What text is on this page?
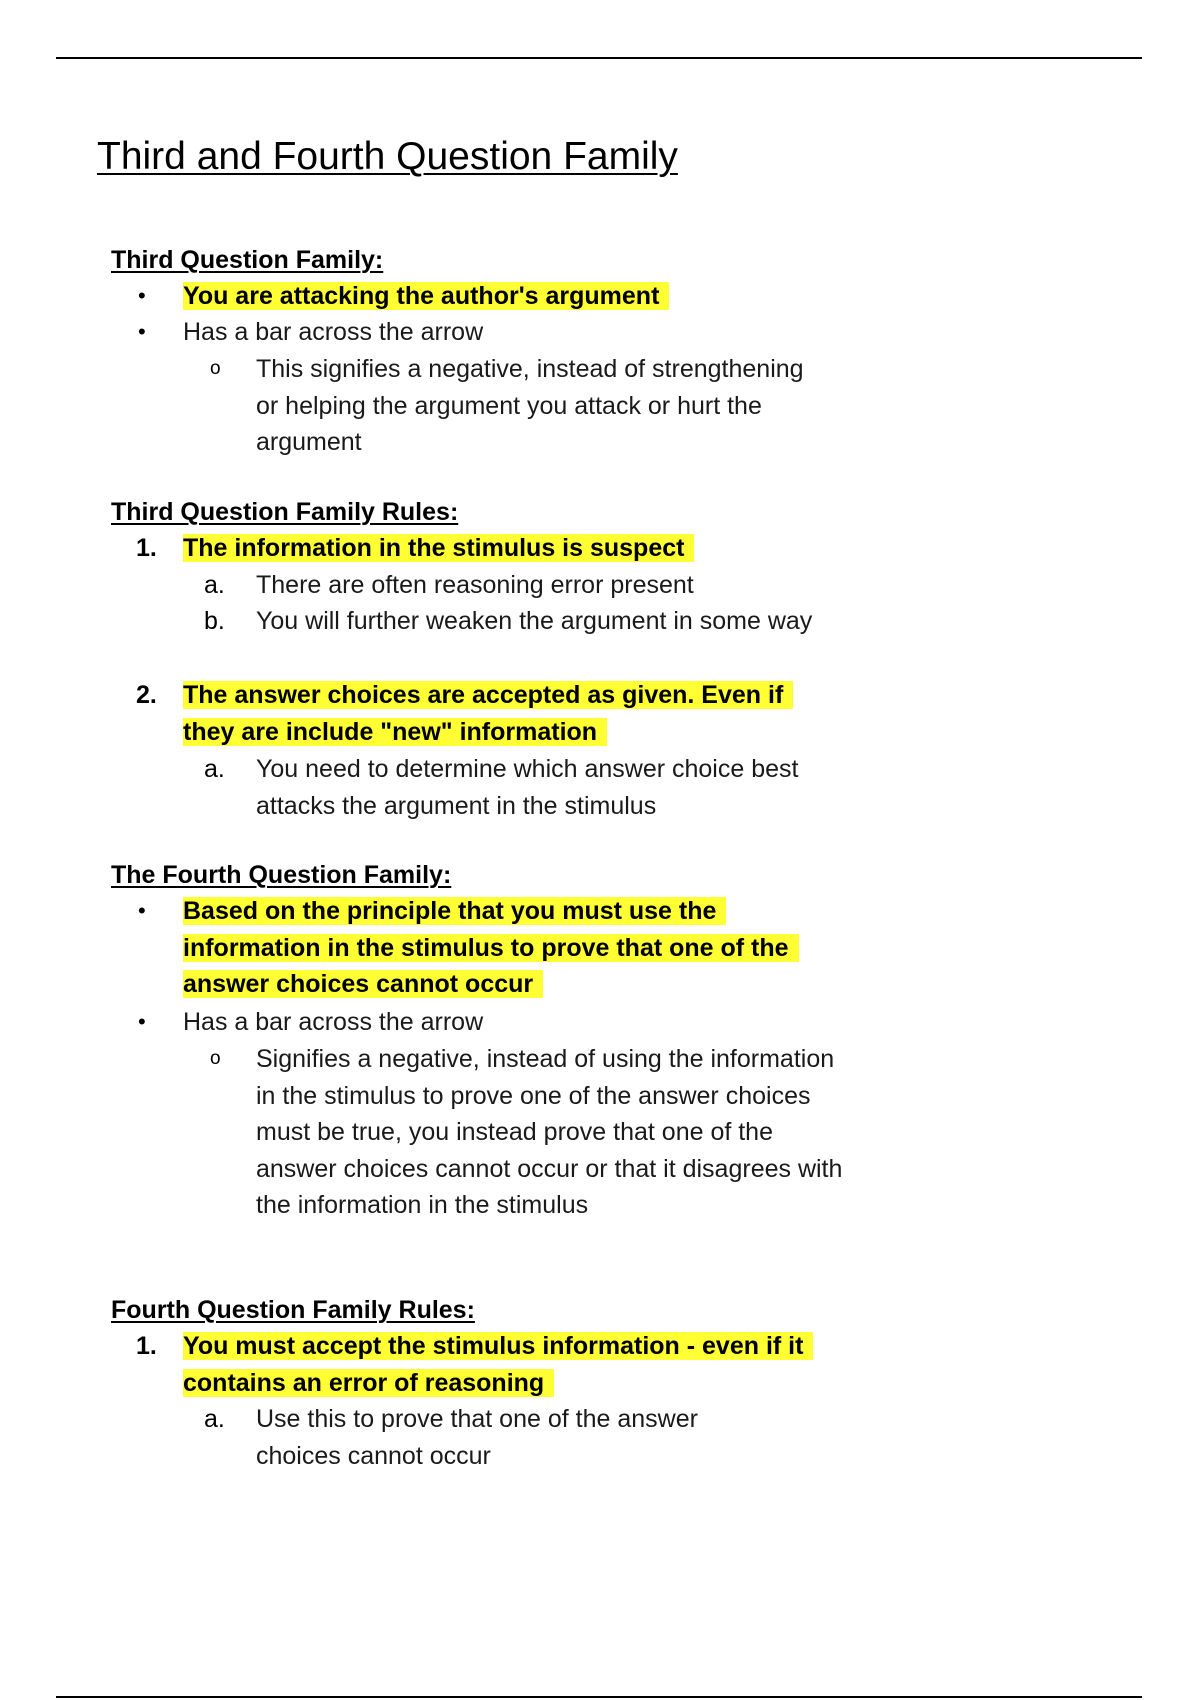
Third and Fourth Question Family
Third Question Family:
• You are attacking the author's argument
• Has a bar across the arrow
o This signifies a negative, instead of strengthening or helping the argument you attack or hurt the argument
Third Question Family Rules:
1. The information in the stimulus is suspect
a. There are often reasoning error present
b. You will further weaken the argument in some way
2. The answer choices are accepted as given. Even if they are include "new" information
a. You need to determine which answer choice best attacks the argument in the stimulus
The Fourth Question Family:
• Based on the principle that you must use the information in the stimulus to prove that one of the answer choices cannot occur
• Has a bar across the arrow
o Signifies a negative, instead of using the information in the stimulus to prove one of the answer choices must be true, you instead prove that one of the answer choices cannot occur or that it disagrees with the information in the stimulus
Fourth Question Family Rules:
1. You must accept the stimulus information - even if it contains an error of reasoning
a. Use this to prove that one of the answer choices cannot occur
